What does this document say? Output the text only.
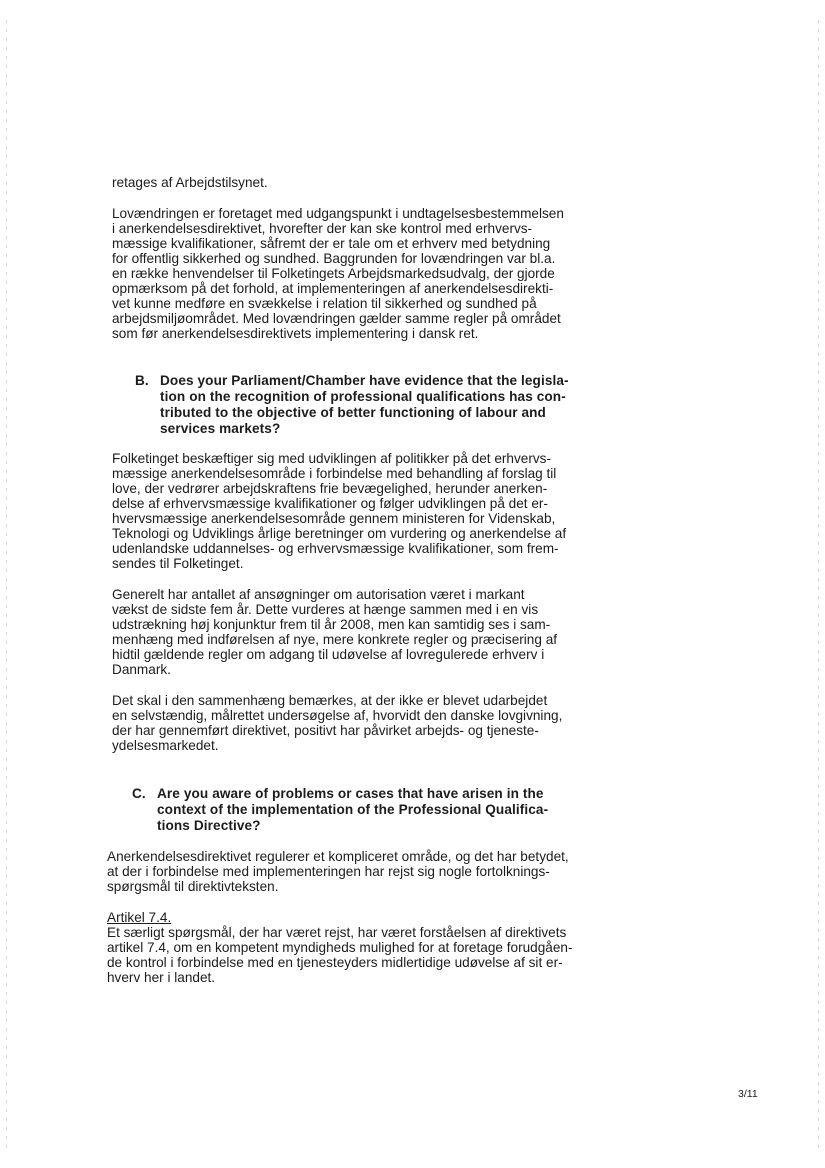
retages af Arbejdstilsynet.
Lovændringen er foretaget med udgangspunkt i undtagelsesbestemmelsen
i anerkendelsesdirektivet, hvorefter der kan ske kontrol med erhvervs-
mæssige kvalifikationer, såfremt der er tale om et erhverv med betydning
for offentlig sikkerhed og sundhed. Baggrunden for lovændringen var bl.a.
en række henvendelser til Folketingets Arbejdsmarkedsudvalg, der gjorde
opmærksom på det forhold, at implementeringen af anerkendelsesdirekti-
vet kunne medføre en svækkelse i relation til sikkerhed og sundhed på
arbejdsmiljøområdet. Med lovændringen gælder samme regler på området
som før anerkendelsesdirektivets implementering i dansk ret.
B. Does your Parliament/Chamber have evidence that the legisla-
tion on the recognition of professional qualifications has con-
tributed to the objective of better functioning of labour and
services markets?
Folketinget beskæftiger sig med udviklingen af politikker på det erhvervs-
mæssige anerkendelsesområde i forbindelse med behandling af forslag til
love, der vedrører arbejdskraftens frie bevægelighed, herunder anerken-
delse af erhvervsmæssige kvalifikationer og følger udviklingen på det er-
hvervsmæssige anerkendelsesområde gennem ministeren for Videnskab,
Teknologi og Udviklings årlige beretninger om vurdering og anerkendelse af
udenlandske uddannelses- og erhvervsmæssige kvalifikationer, som frem-
sendes til Folketinget.
Generelt har antallet af ansøgninger om autorisation været i markant
vækst de sidste fem år. Dette vurderes at hænge sammen med i en vis
udstrækning høj konjunktur frem til år 2008, men kan samtidig ses i sam-
menhæng med indførelsen af nye, mere konkrete regler og præcisering af
hidtil gældende regler om adgang til udøvelse af lovregulerede erhverv i
Danmark.
Det skal i den sammenhæng bemærkes, at der ikke er blevet udarbejdet
en selvstændig, målrettet undersøgelse af, hvorvidt den danske lovgivning,
der har gennemført direktivet, positivt har påvirket arbejds- og tjeneste-
ydelsesmarkedet.
C. Are you aware of problems or cases that have arisen in the
context of the implementation of the Professional Qualifica-
tions Directive?
Anerkendelsesdirektivet regulerer et kompliceret område, og det har betydet,
at der i forbindelse med implementeringen har rejst sig nogle fortolknings-
spørgsmål til direktivteksten.
Artikel 7.4.
Et særligt spørgsmål, der har været rejst, har været forståelsen af direktivets
artikel 7.4, om en kompetent myndigheds mulighed for at foretage forudgåen-
de kontrol i forbindelse med en tjenesteyders midlertidige udøvelse af sit er-
hverv her i landet.
3/11
